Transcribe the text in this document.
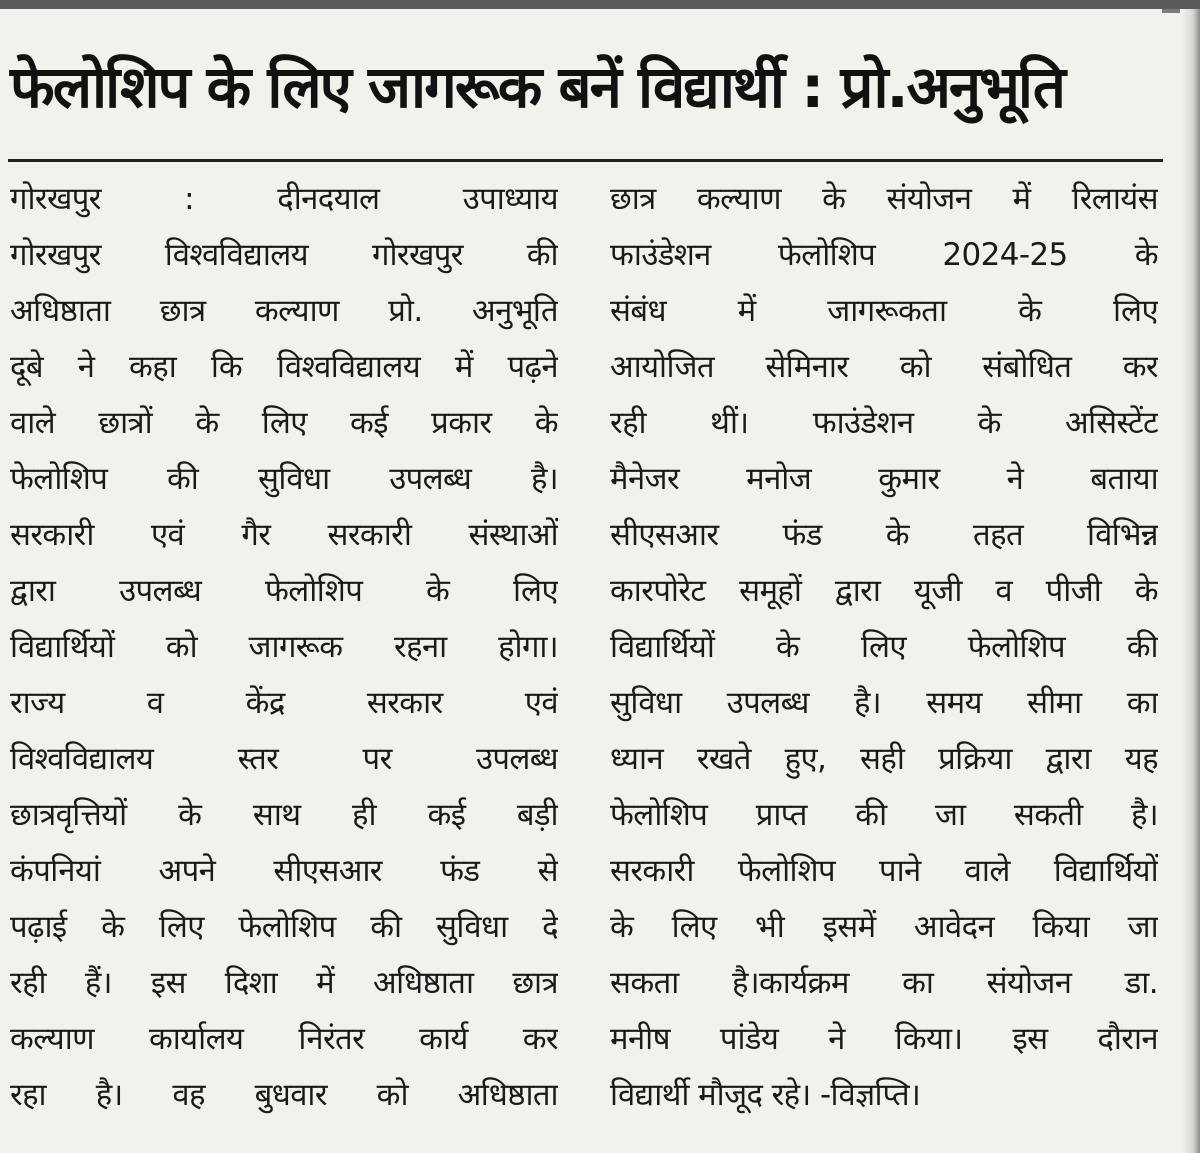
फेलोशिप के लिए जागरूक बनें विद्यार्थी : प्रो.अनुभूति
गोरखपुर : दीनदयाल उपाध्याय
गोरखपुर विश्वविद्यालय गोरखपुर की
अधिष्ठाता छात्र कल्याण प्रो. अनुभूति
दूबे ने कहा कि विश्वविद्यालय में पढ़ने
वाले छात्रों के लिए कई प्रकार के
फेलोशिप की सुविधा उपलब्ध है।
सरकारी एवं गैर सरकारी संस्थाओं
द्वारा उपलब्ध फेलोशिप के लिए
विद्यार्थियों को जागरूक रहना होगा।
राज्य व केंद्र सरकार एवं
विश्वविद्यालय स्तर पर उपलब्ध
छात्रवृत्तियों के साथ ही कई बड़ी
कंपनियां अपने सीएसआर फंड से
पढ़ाई के लिए फेलोशिप की सुविधा दे
रही हैं। इस दिशा में अधिष्ठाता छात्र
कल्याण कार्यालय निरंतर कार्य कर
रहा है। वह बुधवार को अधिष्ठाता
छात्र कल्याण के संयोजन में रिलायंस
फाउंडेशन फेलोशिप 2024-25 के
संबंध में जागरूकता के लिए
आयोजित सेमिनार को संबोधित कर
रही थीं। फाउंडेशन के असिस्टेंट
मैनेजर मनोज कुमार ने बताया
सीएसआर फंड के तहत विभिन्न
कारपोरेट समूहों द्वारा यूजी व पीजी के
विद्यार्थियों के लिए फेलोशिप की
सुविधा उपलब्ध है। समय सीमा का
ध्यान रखते हुए, सही प्रक्रिया द्वारा यह
फेलोशिप प्राप्त की जा सकती है।
सरकारी फेलोशिप पाने वाले विद्यार्थियों
के लिए भी इसमें आवेदन किया जा
सकता है।कार्यक्रम का संयोजन डा.
मनीष पांडेय ने किया। इस दौरान
विद्यार्थी मौजूद रहे। -विज्ञप्ति।
